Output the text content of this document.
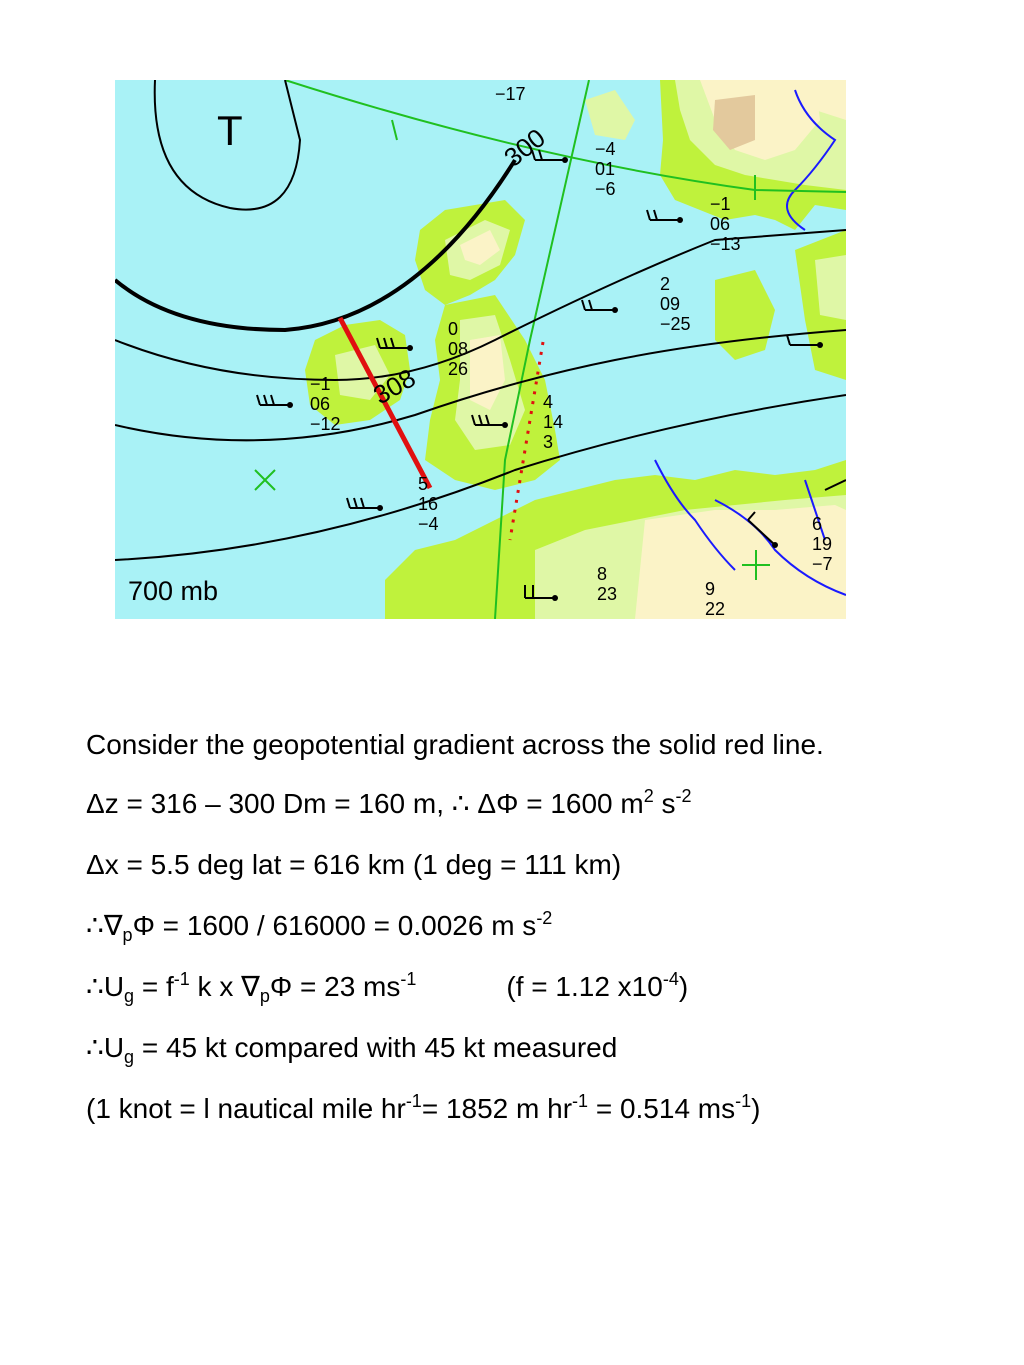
T	300
308
−17
−4 01 −6
−1 06 −13
2 09 −25
0 08 26
−1 06 −12
4 14 3
5 16 −4	6 19 −7
8 23	9 22
700 mb

Consider the geopotential gradient across the solid red line.

Δz = 316 – 300 Dm = 160 m, ∴ ΔΦ = 1600 $m^2$ $s^{-2}$

Δx = 5.5 deg lat = 616 km (1 deg = 111 km)

$\therefore\nabla_p\Phi = 1600 / 616000 = 0.0026$ m $s^{-2}$

$\therefore U_g = f^{-1}$ k x $\nabla_p\Phi = 23$ $ms^{-1}$	(f = 1.12 $x10^{-4}$)

$\therefore U_g = 45$ kt compared with 45 kt measured

(1 knot = l nautical mile $hr^{-1}= 1852$ m $hr^{-1} = 0.514$ $ms^{-1}$)
